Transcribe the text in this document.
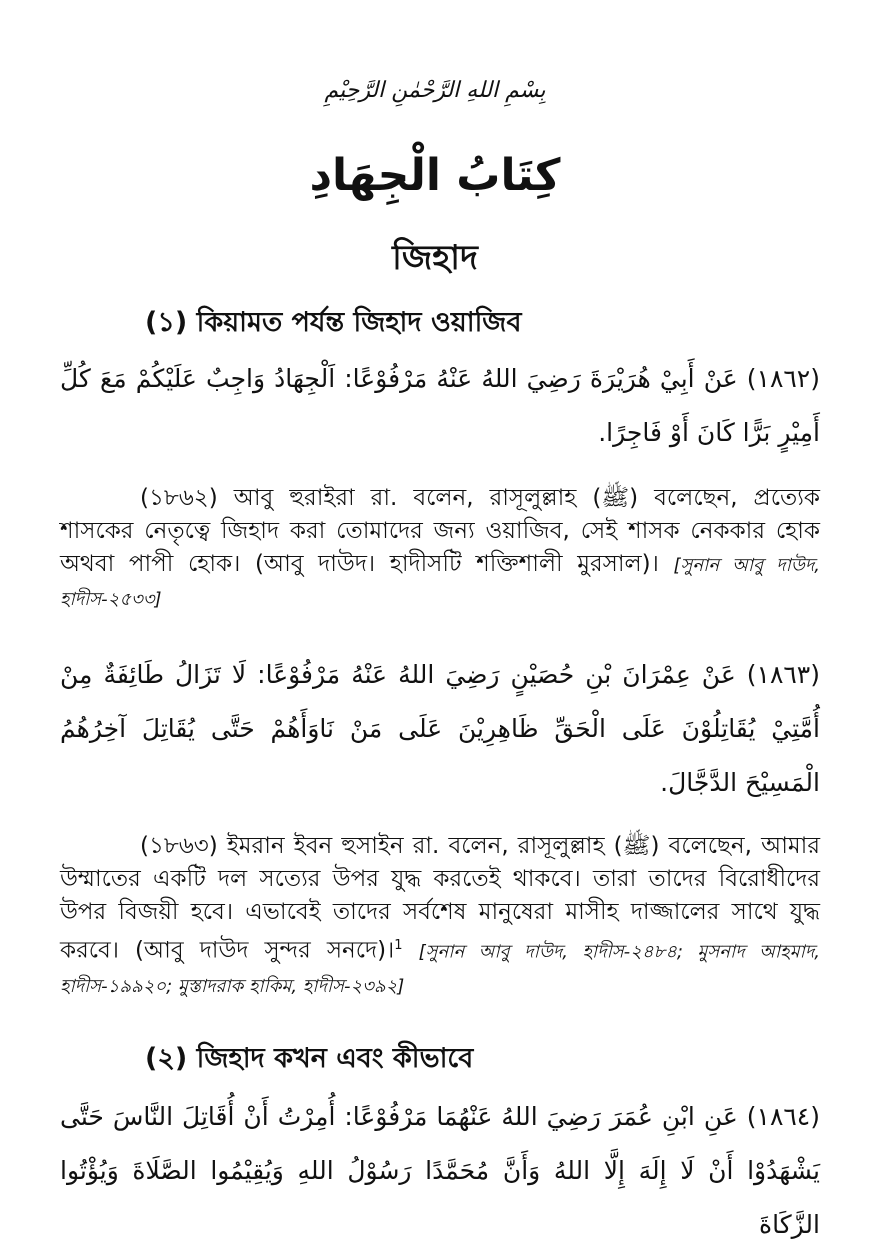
بِسْمِ اللهِ الرَّحْمٰنِ الرَّحِيْمِ
كِتَابُ الْجِهَادِ
জিহাদ
(১) কিয়ামত পর্যন্ত জিহাদ ওয়াজিব
(١٨٦٢) عَنْ أَبِيْ هُرَيْرَةَ رَضِيَ اللهُ عَنْهُ مَرْفُوْعًا: اَلْجِهَادُ وَاجِبٌ عَلَيْكُمْ مَعَ كُلِّ أَمِيْرٍ بَرًّا كَانَ أَوْ فَاجِرًا.
(১৮৬২) আবু হুরাইরা রা. বলেন, রাসূলুল্লাহ (ﷺ) বলেছেন, প্রত্যেক শাসকের নেতৃত্বে জিহাদ করা তোমাদের জন্য ওয়াজিব, সেই শাসক নেককার হোক অথবা পাপী হোক। (আবু দাউদ। হাদীসটি শক্তিশালী মুরসাল)। [সুনান আবু দাউদ, হাদীস-২৫৩৩]
(١٨٦٣) عَنْ عِمْرَانَ بْنِ حُصَيْنٍ رَضِيَ اللهُ عَنْهُ مَرْفُوْعًا: لَا تَزَالُ طَائِفَةٌ مِنْ أُمَّتِيْ يُقَاتِلُوْنَ عَلَى الْحَقِّ ظَاهِرِيْنَ عَلَى مَنْ نَاوَأَهُمْ حَتَّى يُقَاتِلَ آخِرُهُمُ الْمَسِيْحَ الدَّجَّالَ.
(১৮৬৩) ইমরান ইবন হুসাইন রা. বলেন, রাসূলুল্লাহ (ﷺ) বলেছেন, আমার উম্মাতের একটি দল সত্যের উপর যুদ্ধ করতেই থাকবে। তারা তাদের বিরোধীদের উপর বিজয়ী হবে। এভাবেই তাদের সর্বশেষ মানুষেরা মাসীহ দাজ্জালের সাথে যুদ্ধ করবে। (আবু দাউদ সুন্দর সনদে)।$^1$ [সুনান আবু দাউদ, হাদীস-২৪৮৪; মুসনাদ আহমাদ, হাদীস-১৯৯২০; মুস্তাদরাক হাকিম, হাদীস-২৩৯২]
(২) জিহাদ কখন এবং কীভাবে
(١٨٦٤) عَنِ ابْنِ عُمَرَ رَضِيَ اللهُ عَنْهُمَا مَرْفُوْعًا: أُمِرْتُ أَنْ أُقَاتِلَ النَّاسَ حَتَّى يَشْهَدُوْا أَنْ لَا إِلَهَ إِلَّا اللهُ وَأَنَّ مُحَمَّدًا رَسُوْلُ اللهِ وَيُقِيْمُوا الصَّلَاةَ وَيُؤْتُوا الزَّكَاةَ
